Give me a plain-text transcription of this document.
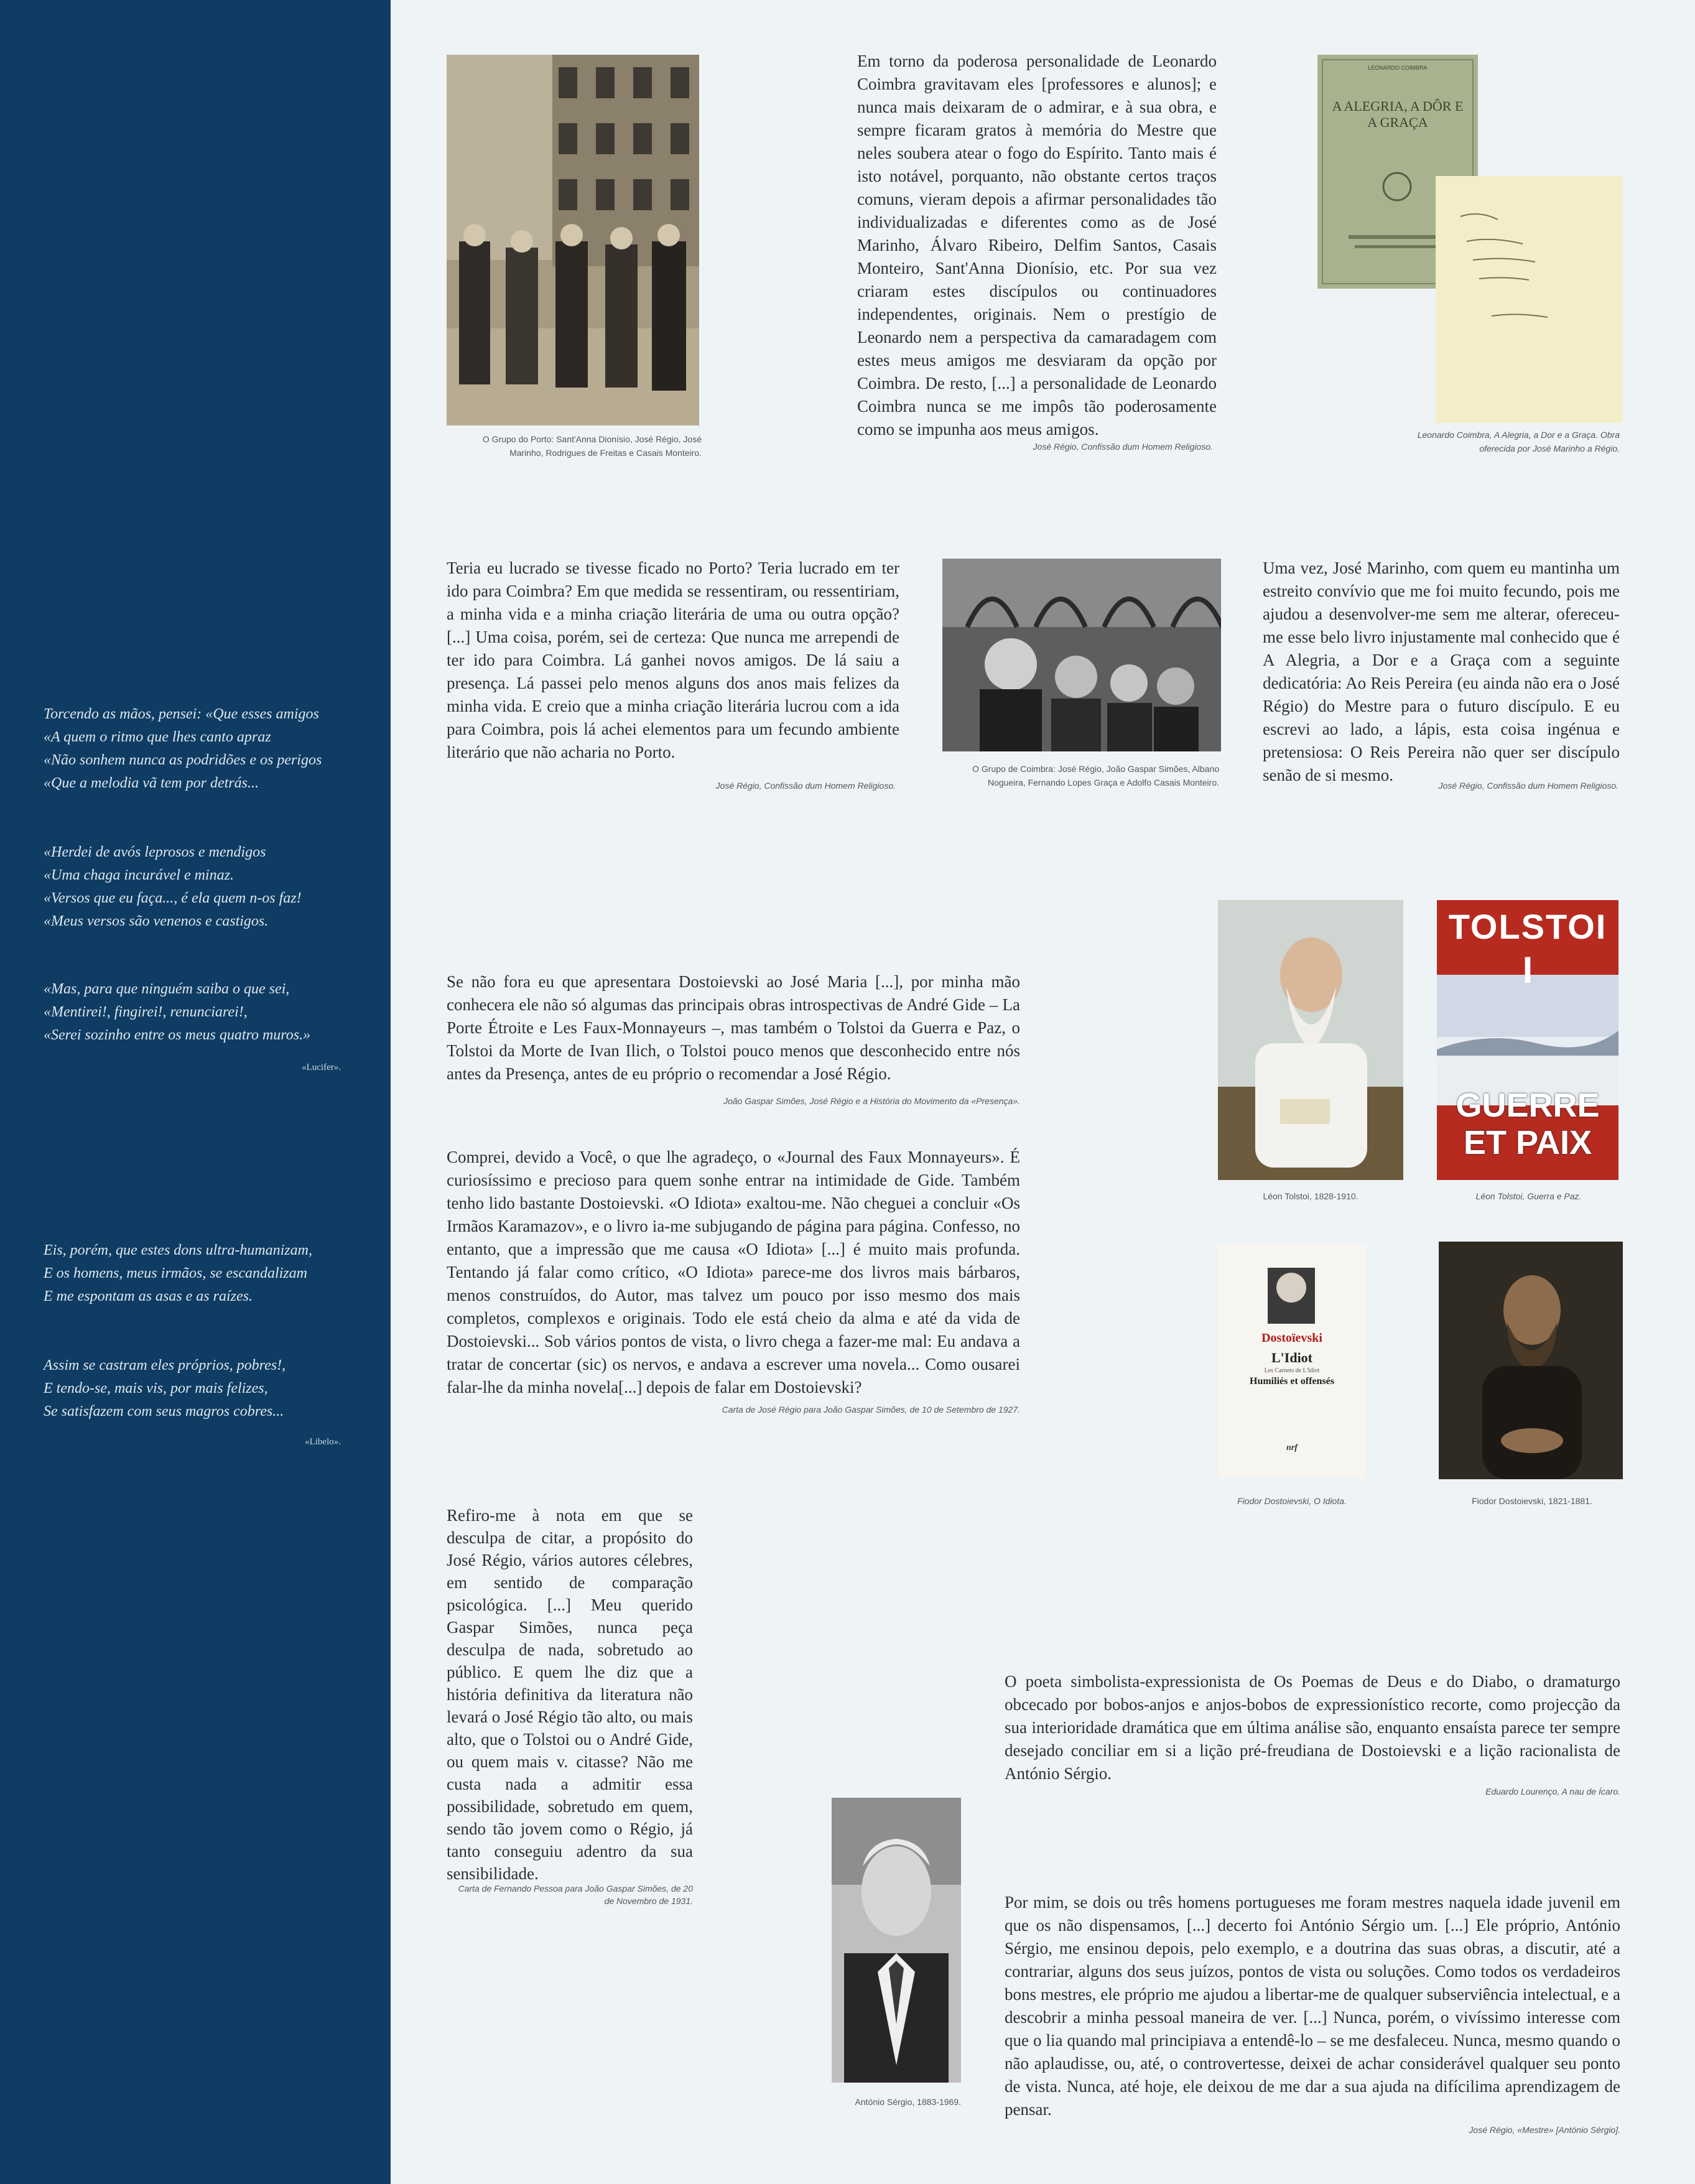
Torcendo as mãos, pensei: «Que esses amigos
«A quem o ritmo que lhes canto apraz
«Não sonhem nunca as podridões e os perigos
«Que a melodia vã tem por detrás...
«Herdei de avós leprosos e mendigos
«Uma chaga incurável e minaz.
«Versos que eu faça..., é ela quem n-os faz!
«Meus versos são venenos e castigos.
«Mas, para que ninguém saiba o que sei,
«Mentirei!, fingirei!, renunciarei!,
«Serei sozinho entre os meus quatro muros.»
«Lucifer».
Eis, porém, que estes dons ultra-humanizam,
E os homens, meus irmãos, se escandalizam
E me espontam as asas e as raízes.
Assim se castram eles próprios, pobres!,
E tendo-se, mais vis, por mais felizes,
Se satisfazem com seus magros cobres...
«Libelo».
O Grupo do Porto: Sant'Anna Dionísio, José Régio, José Marinho, Rodrigues de Freitas e Casais Monteiro.
Em torno da poderosa personalidade de Leonardo Coimbra gravitavam eles [professores e alunos]; e nunca mais deixaram de o admirar, e à sua obra, e sempre ficaram gratos à memória do Mestre que neles soubera atear o fogo do Espírito. Tanto mais é isto notável, porquanto, não obstante certos traços comuns, vieram depois a afirmar personalidades tão individualizadas e diferentes como as de José Marinho, Álvaro Ribeiro, Delfim Santos, Casais Monteiro, Sant'Anna Dionísio, etc. Por sua vez criaram estes discípulos ou continuadores independentes, originais. Nem o prestígio de Leonardo nem a perspectiva da camaradagem com estes meus amigos me desviaram da opção por Coimbra. De resto, [...] a personalidade de Leonardo Coimbra nunca se me impôs tão poderosamente como se impunha aos meus amigos.
José Régio, Confissão dum Homem Religioso.
LEONARDO COIMBRA
A ALEGRIA, A DÔR E A GRAÇA
Leonardo Coimbra, A Alegria, a Dor e a Graça. Obra oferecida por José Marinho a Régio.
Teria eu lucrado se tivesse ficado no Porto? Teria lucrado em ter ido para Coimbra? Em que medida se ressentiram, ou ressentiriam, a minha vida e a minha criação literária de uma ou outra opção? [...] Uma coisa, porém, sei de certeza: Que nunca me arrependi de ter ido para Coimbra. Lá ganhei novos amigos. De lá saiu a presença. Lá passei pelo menos alguns dos anos mais felizes da minha vida. E creio que a minha criação literária lucrou com a ida para Coimbra, pois lá achei elementos para um fecundo ambiente literário que não acharia no Porto.
José Régio, Confissão dum Homem Religioso.
O Grupo de Coimbra: José Régio, João Gaspar Simões, Albano Nogueira, Fernando Lopes Graça e Adolfo Casais Monteiro.
Uma vez, José Marinho, com quem eu mantinha um estreito convívio que me foi muito fecundo, pois me ajudou a desenvolver-me sem me alterar, ofereceu-me esse belo livro injustamente mal conhecido que é A Alegria, a Dor e a Graça com a seguinte dedicatória: Ao Reis Pereira (eu ainda não era o José Régio) do Mestre para o futuro discípulo. E eu escrevi ao lado, a lápis, esta coisa ingénua e pretensiosa: O Reis Pereira não quer ser discípulo senão de si mesmo.
José Régio, Confissão dum Homem Religioso.
Se não fora eu que apresentara Dostoievski ao José Maria [...], por minha mão conhecera ele não só algumas das principais obras introspectivas de André Gide – La Porte Étroite e Les Faux-Monnayeurs –, mas também o Tolstoi da Guerra e Paz, o Tolstoi da Morte de Ivan Ilich, o Tolstoi pouco menos que desconhecido entre nós antes da Presença, antes de eu próprio o recomendar a José Régio.
João Gaspar Simões, José Régio e a História do Movimento da «Presença».
Comprei, devido a Você, o que lhe agradeço, o «Journal des Faux Monnayeurs». É curiosíssimo e precioso para quem sonhe entrar na intimidade de Gide. Também tenho lido bastante Dostoievski. «O Idiota» exaltou-me. Não cheguei a concluir «Os Irmãos Karamazov», e o livro ia-me subjugando de página para página. Confesso, no entanto, que a impressão que me causa «O Idiota» [...] é muito mais profunda. Tentando já falar como crítico, «O Idiota» parece-me dos livros mais bárbaros, menos construídos, do Autor, mas talvez um pouco por isso mesmo dos mais completos, complexos e originais. Todo ele está cheio da alma e até da vida de Dostoievski... Sob vários pontos de vista, o livro chega a fazer-me mal: Eu andava a tratar de concertar (sic) os nervos, e andava a escrever uma novela... Como ousarei falar-lhe da minha novela[...] depois de falar em Dostoievski?
Carta de José Régio para João Gaspar Simões, de 10 de Setembro de 1927.
Léon Tolstoi, 1828-1910.
TOLSTOI
I
GUERRE ET PAIX
Léon Tolstoi, Guerra e Paz.
Dostoïevski
L'Idiot
Les Carnets de L'Idiot
Humiliés et offensés
nrf
Fiodor Dostoievski, O Idiota.	Fiodor Dostoievski, 1821-1881.
Refiro-me à nota em que se desculpa de citar, a propósito do José Régio, vários autores célebres, em sentido de comparação psicológica. [...] Meu querido Gaspar Simões, nunca peça desculpa de nada, sobretudo ao público. E quem lhe diz que a história definitiva da literatura não levará o José Régio tão alto, ou mais alto, que o Tolstoi ou o André Gide, ou quem mais v. citasse? Não me custa nada a admitir essa possibilidade, sobretudo em quem, sendo tão jovem como o Régio, já tanto conseguiu adentro da sua sensibilidade.
Carta de Fernando Pessoa para João Gaspar Simões, de 20 de Novembro de 1931.
O poeta simbolista-expressionista de Os Poemas de Deus e do Diabo, o dramaturgo obcecado por bobos-anjos e anjos-bobos de expressionístico recorte, como projecção da sua interioridade dramática que em última análise são, enquanto ensaísta parece ter sempre desejado conciliar em si a lição pré-freudiana de Dostoievski e a lição racionalista de António Sérgio.
Eduardo Lourenço, A nau de Ícaro.
António Sérgio, 1883-1969.
Por mim, se dois ou três homens portugueses me foram mestres naquela idade juvenil em que os não dispensamos, [...] decerto foi António Sérgio um. [...] Ele próprio, António Sérgio, me ensinou depois, pelo exemplo, e a doutrina das suas obras, a discutir, até a contrariar, alguns dos seus juízos, pontos de vista ou soluções. Como todos os verdadeiros bons mestres, ele próprio me ajudou a libertar-me de qualquer subserviência intelectual, e a descobrir a minha pessoal maneira de ver. [...] Nunca, porém, o vivíssimo interesse com que o lia quando mal principiava a entendê-lo – se me desfaleceu. Nunca, mesmo quando o não aplaudisse, ou, até, o controvertesse, deixei de achar considerável qualquer seu ponto de vista. Nunca, até hoje, ele deixou de me dar a sua ajuda na difícilima aprendizagem de pensar.
José Régio, «Mestre» [António Sérgio].
